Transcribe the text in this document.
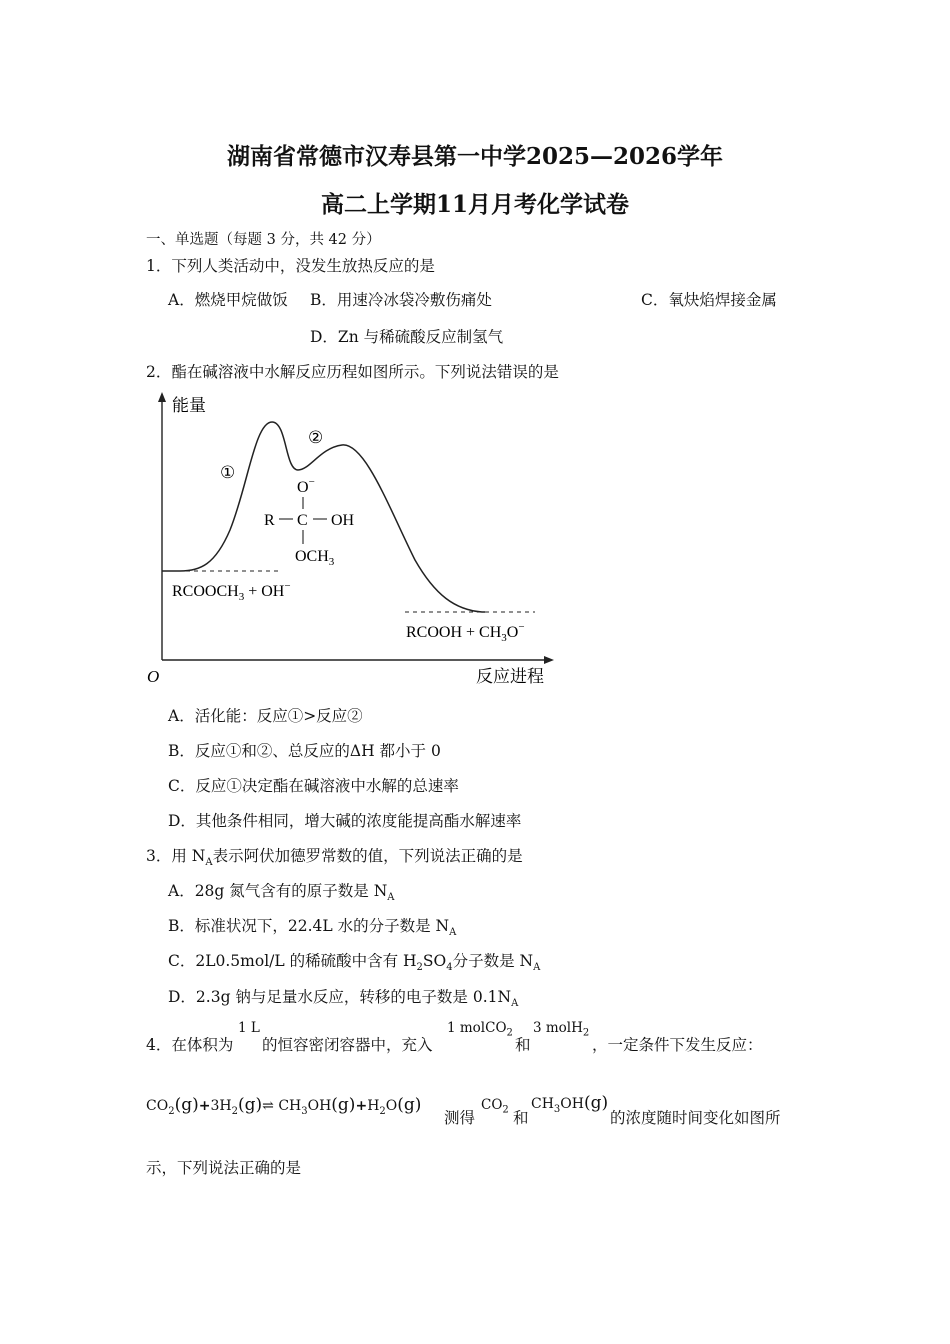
湖南省常德市汉寿县第一中学2025—2026学年
高二上学期11月月考化学试卷
一、单选题（每题 3 分，共 42 分）
1．下列人类活动中，没发生放热反应的是
A．燃烧甲烷做饭 B．用速冷冰袋冷敷伤痛处	C．氧炔焰焊接金属
D．Zn 与稀硫酸反应制氢气
2．酯在碱溶液中水解反应历程如图所示。下列说法错误的是
能量
反应进程
O
①
②
$RCOOCH_3 + OH^-$
RCOOH + $CH_3O^-$
O−
R C OH
$OCH_3$
A．活化能：反应①>反应②
B．反应①和②、总反应的ΔH 都小于 0
C．反应①决定酯在碱溶液中水解的总速率
D．其他条件相同，增大碱的浓度能提高酯水解速率
3．用 $N_A$表示阿伏加德罗常数的值，下列说法正确的是
A．28g 氮气含有的原子数是 $N_A$
B．标准状况下，22.4L 水的分子数是 $N_A$
C．2L0.5mol/L 的稀硫酸中含有 $H_2SO_4$分子数是 $N_A$
D．2.3g 钠与足量水反应，转移的电子数是 $0.1N_A$
4．在体积为
1 L
的恒容密闭容器中，充入
1 molCO$_2$
和
3 molH$_2$
，一定条件下发生反应：
$CO_2(g)+3H_2(g)\rightleftharpoons$ $CH_3OH(g)+H_2O(g)$
测得
$CO_2$ 和
$CH_3OH(g)$
的浓度随时间变化如图所
示，下列说法正确的是
